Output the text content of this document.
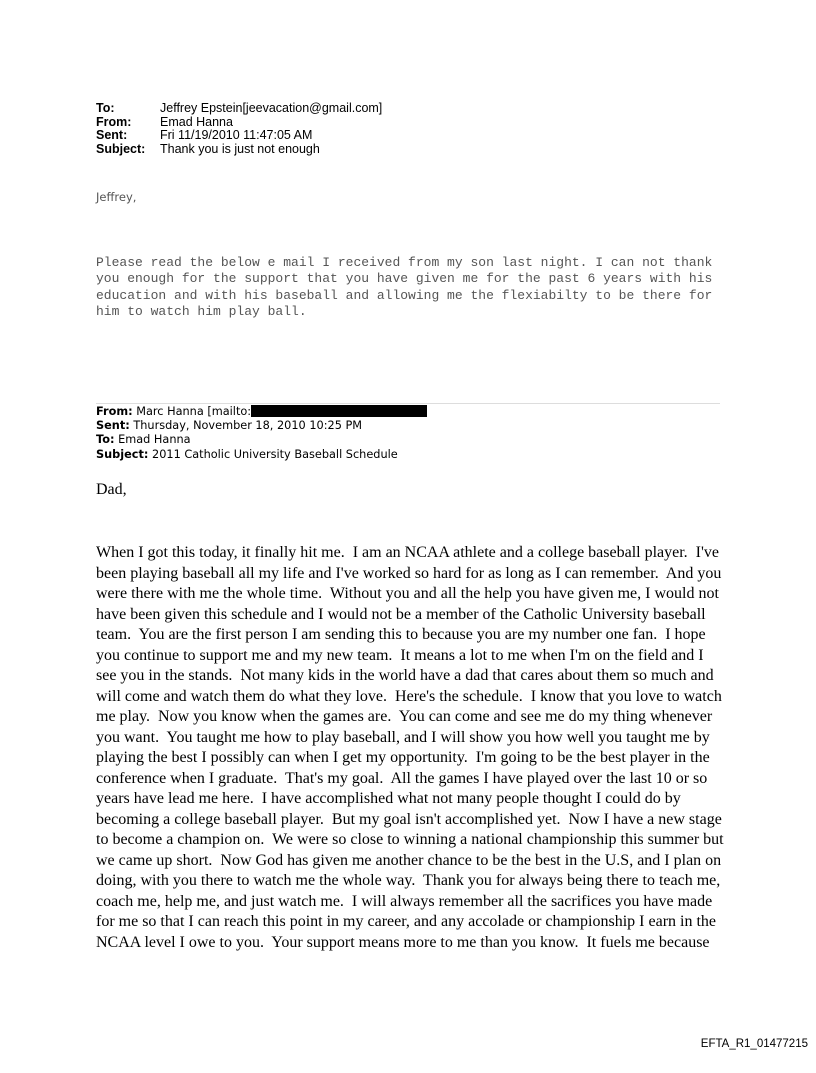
To:	Jeffrey Epstein[jeevacation@gmail.com]
From:	Emad Hanna
Sent:	Fri 11/19/2010 11:47:05 AM
Subject:	Thank you is just not enough
Jeffrey,
Please read the below e mail I received from my son last night. I can not thank
you enough for the support that you have given me for the past 6 years with his
education and with his baseball and allowing me the flexiabilty to be there for
him to watch him play ball.
From: Marc Hanna [mailto:
Sent: Thursday, November 18, 2010 10:25 PM
To: Emad Hanna
Subject: 2011 Catholic University Baseball Schedule
Dad,
When I got this today, it finally hit me.  I am an NCAA athlete and a college baseball player.  I've
been playing baseball all my life and I've worked so hard for as long as I can remember.  And you
were there with me the whole time.  Without you and all the help you have given me, I would not
have been given this schedule and I would not be a member of the Catholic University baseball
team.  You are the first person I am sending this to because you are my number one fan.  I hope
you continue to support me and my new team.  It means a lot to me when I'm on the field and I
see you in the stands.  Not many kids in the world have a dad that cares about them so much and
will come and watch them do what they love.  Here's the schedule.  I know that you love to watch
me play.  Now you know when the games are.  You can come and see me do my thing whenever
you want.  You taught me how to play baseball, and I will show you how well you taught me by
playing the best I possibly can when I get my opportunity.  I'm going to be the best player in the
conference when I graduate.  That's my goal.  All the games I have played over the last 10 or so
years have lead me here.  I have accomplished what not many people thought I could do by
becoming a college baseball player.  But my goal isn't accomplished yet.  Now I have a new stage
to become a champion on.  We were so close to winning a national championship this summer but
we came up short.  Now God has given me another chance to be the best in the U.S, and I plan on
doing, with you there to watch me the whole way.  Thank you for always being there to teach me,
coach me, help me, and just watch me.  I will always remember all the sacrifices you have made
for me so that I can reach this point in my career, and any accolade or championship I earn in the
NCAA level I owe to you.  Your support means more to me than you know.  It fuels me because
EFTA_R1_01477215
